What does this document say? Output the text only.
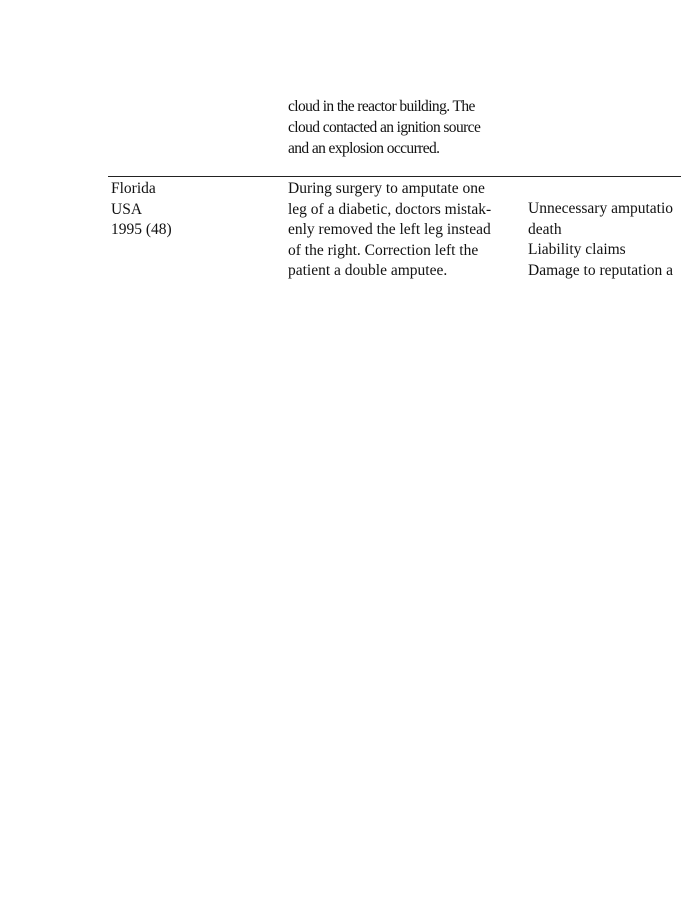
cloud in the reactor building. The
cloud contacted an ignition source
and an explosion occurred.
Florida
USA
1995 (48)
During surgery to amputate one
leg of a diabetic, doctors mistak-
enly removed the left leg instead
of the right. Correction left the
patient a double amputee.
Unnecessary amputatio
death
Liability claims
Damage to reputation a
